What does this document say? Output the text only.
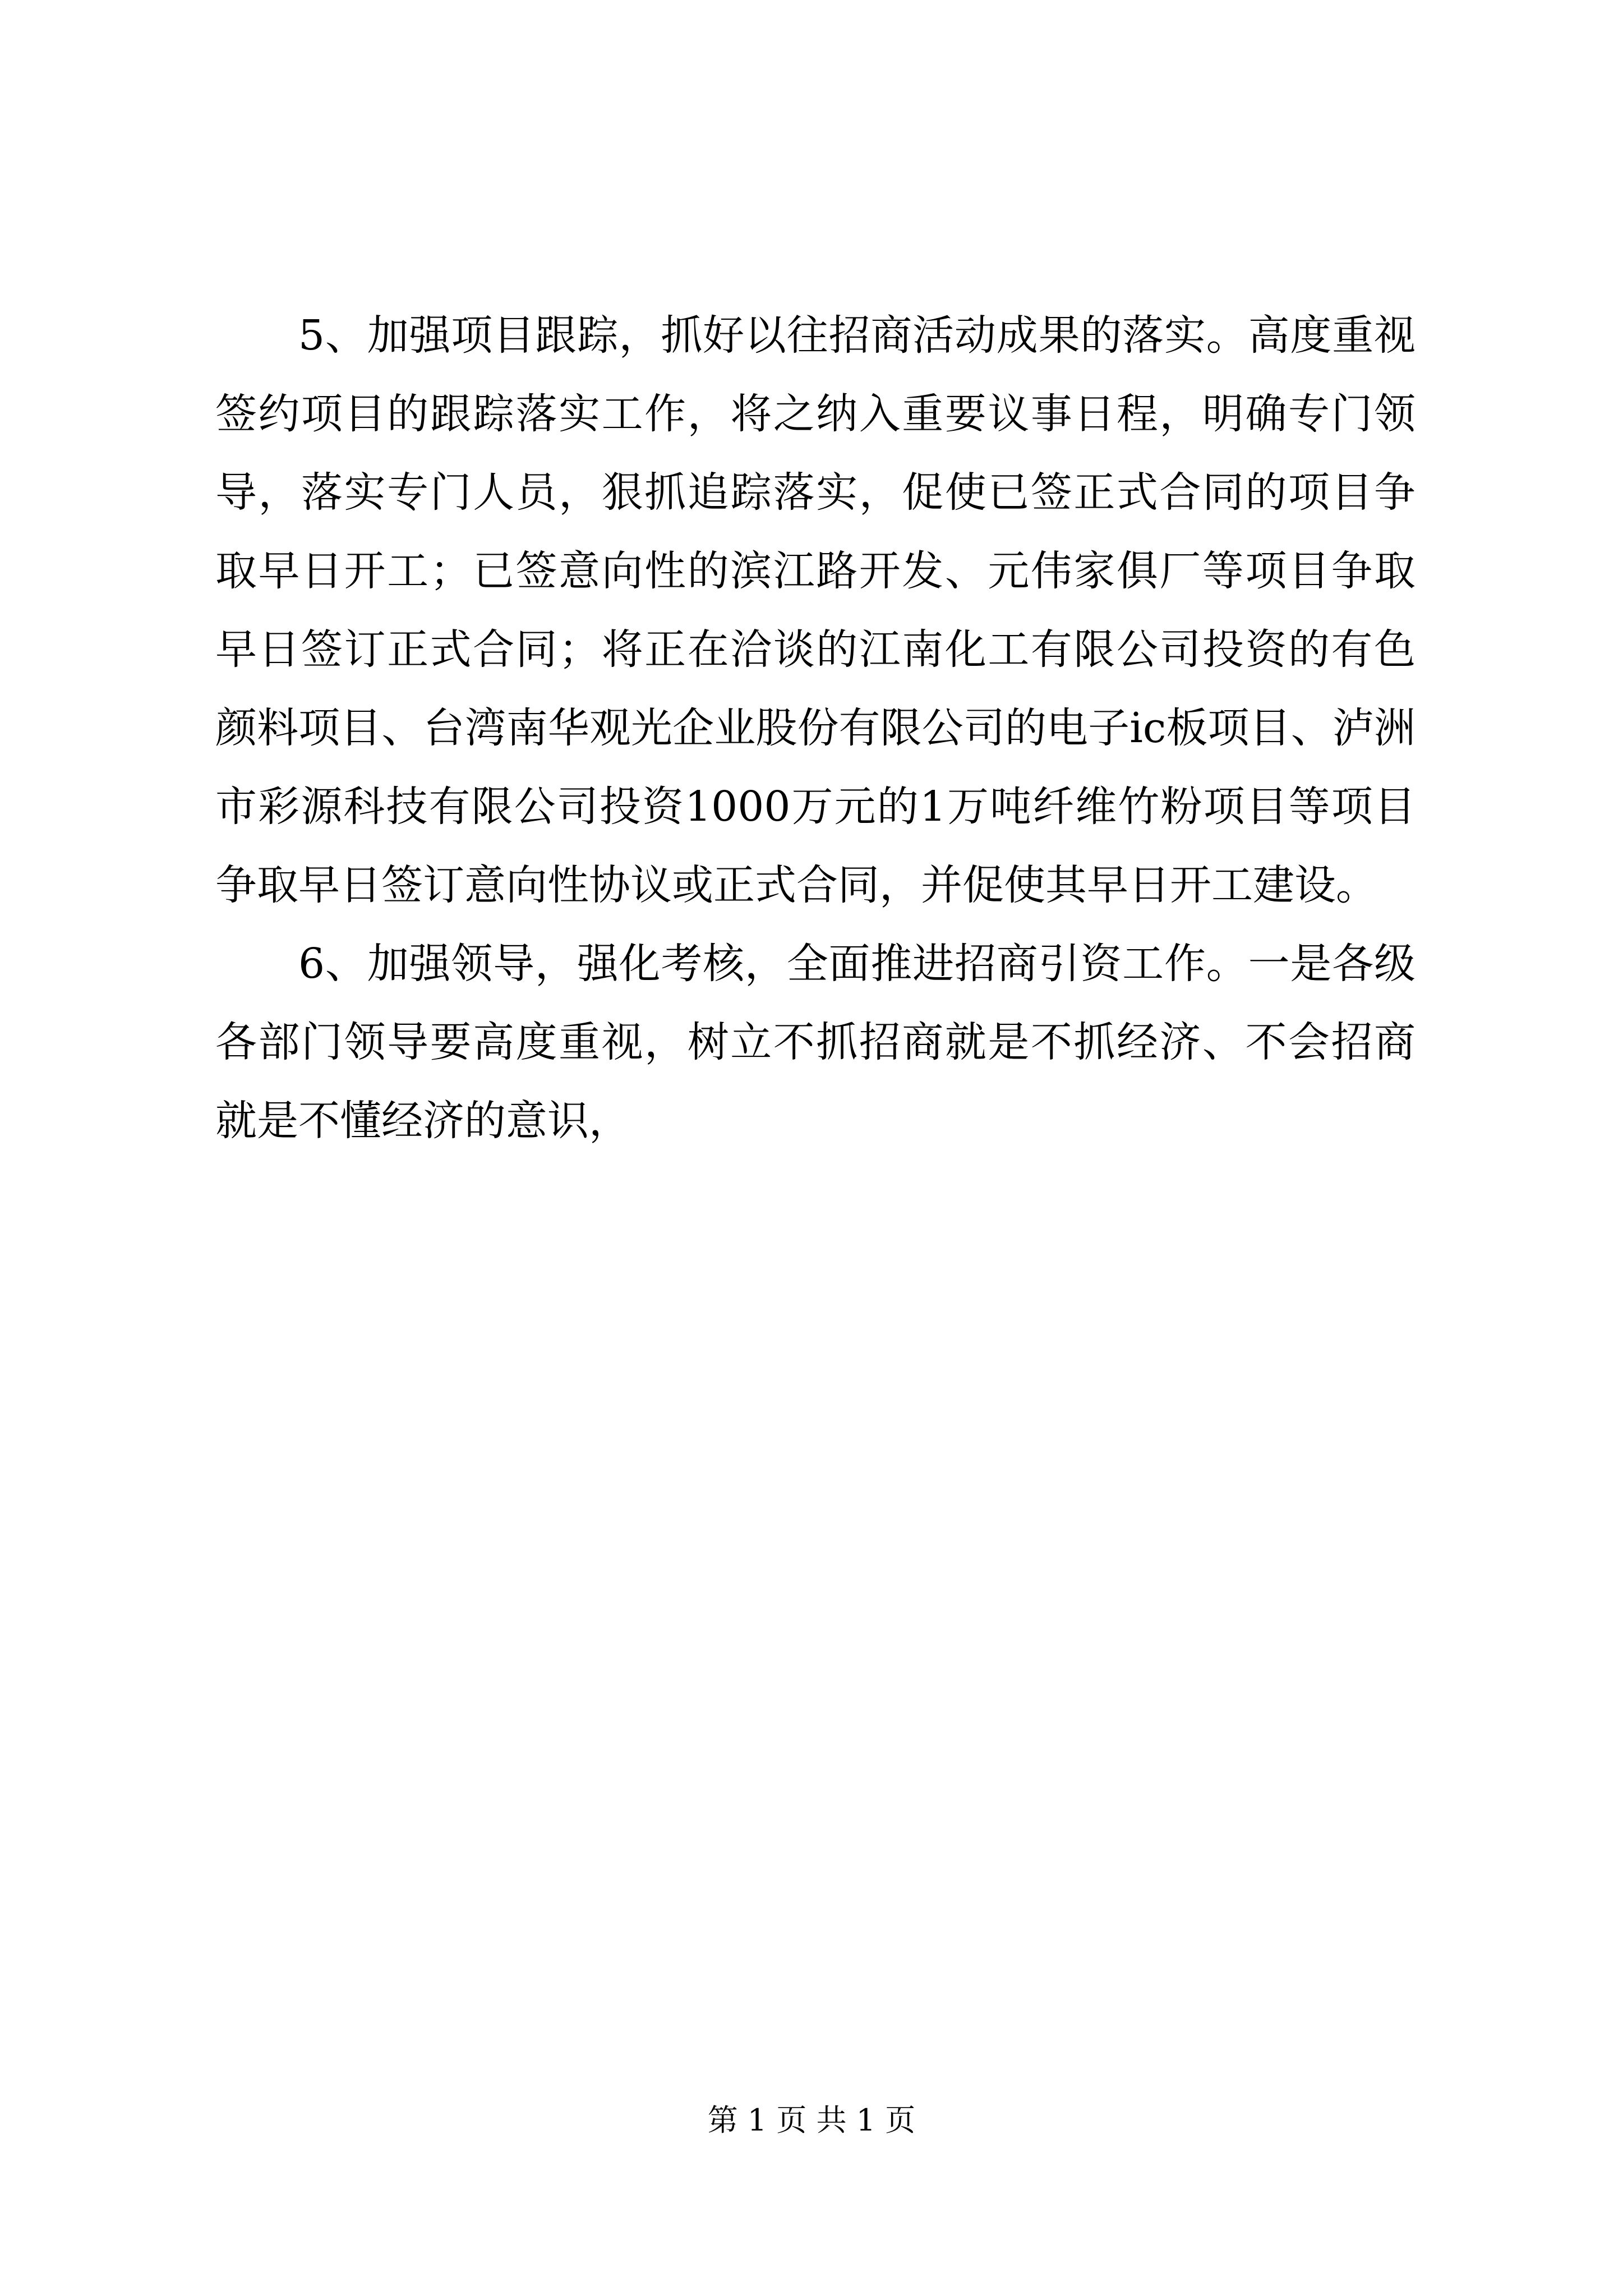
5、加强项目跟踪，抓好以往招商活动成果的落实。高度重视签约项目的跟踪落实工作，将之纳入重要议事日程，明确专门领导，落实专门人员，狠抓追踪落实，促使已签正式合同的项目争取早日开工；已签意向性的滨江路开发、元伟家俱厂等项目争取早日签订正式合同；将正在洽谈的江南化工有限公司投资的有色颜料项目、台湾南华观光企业股份有限公司的电子ic板项目、泸洲市彩源科技有限公司投资1000万元的1万吨纤维竹粉项目等项目争取早日签订意向性协议或正式合同，并促使其早日开工建设。

6、加强领导，强化考核，全面推进招商引资工作。一是各级各部门领导要高度重视，树立不抓招商就是不抓经济、不会招商就是不懂经济的意识，

第 1 页 共 1 页
